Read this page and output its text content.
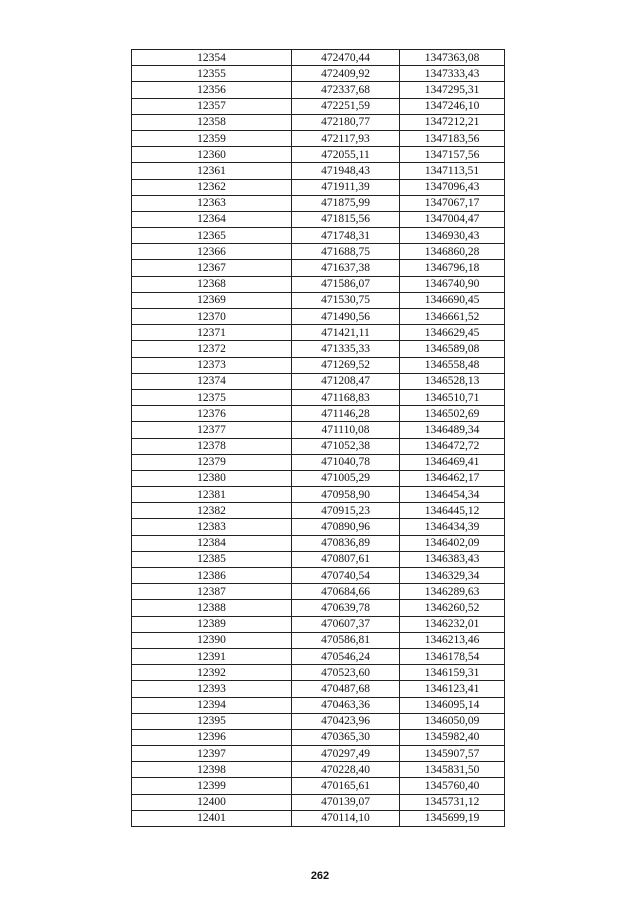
12354	472470,44	1347363,08
12355	472409,92	1347333,43
12356	472337,68	1347295,31
12357	472251,59	1347246,10
12358	472180,77	1347212,21
12359	472117,93	1347183,56
12360	472055,11	1347157,56
12361	471948,43	1347113,51
12362	471911,39	1347096,43
12363	471875,99	1347067,17
12364	471815,56	1347004,47
12365	471748,31	1346930,43
12366	471688,75	1346860,28
12367	471637,38	1346796,18
12368	471586,07	1346740,90
12369	471530,75	1346690,45
12370	471490,56	1346661,52
12371	471421,11	1346629,45
12372	471335,33	1346589,08
12373	471269,52	1346558,48
12374	471208,47	1346528,13
12375	471168,83	1346510,71
12376	471146,28	1346502,69
12377	471110,08	1346489,34
12378	471052,38	1346472,72
12379	471040,78	1346469,41
12380	471005,29	1346462,17
12381	470958,90	1346454,34
12382	470915,23	1346445,12
12383	470890,96	1346434,39
12384	470836,89	1346402,09
12385	470807,61	1346383,43
12386	470740,54	1346329,34
12387	470684,66	1346289,63
12388	470639,78	1346260,52
12389	470607,37	1346232,01
12390	470586,81	1346213,46
12391	470546,24	1346178,54
12392	470523,60	1346159,31
12393	470487,68	1346123,41
12394	470463,36	1346095,14
12395	470423,96	1346050,09
12396	470365,30	1345982,40
12397	470297,49	1345907,57
12398	470228,40	1345831,50
12399	470165,61	1345760,40
12400	470139,07	1345731,12
12401	470114,10	1345699,19
262
